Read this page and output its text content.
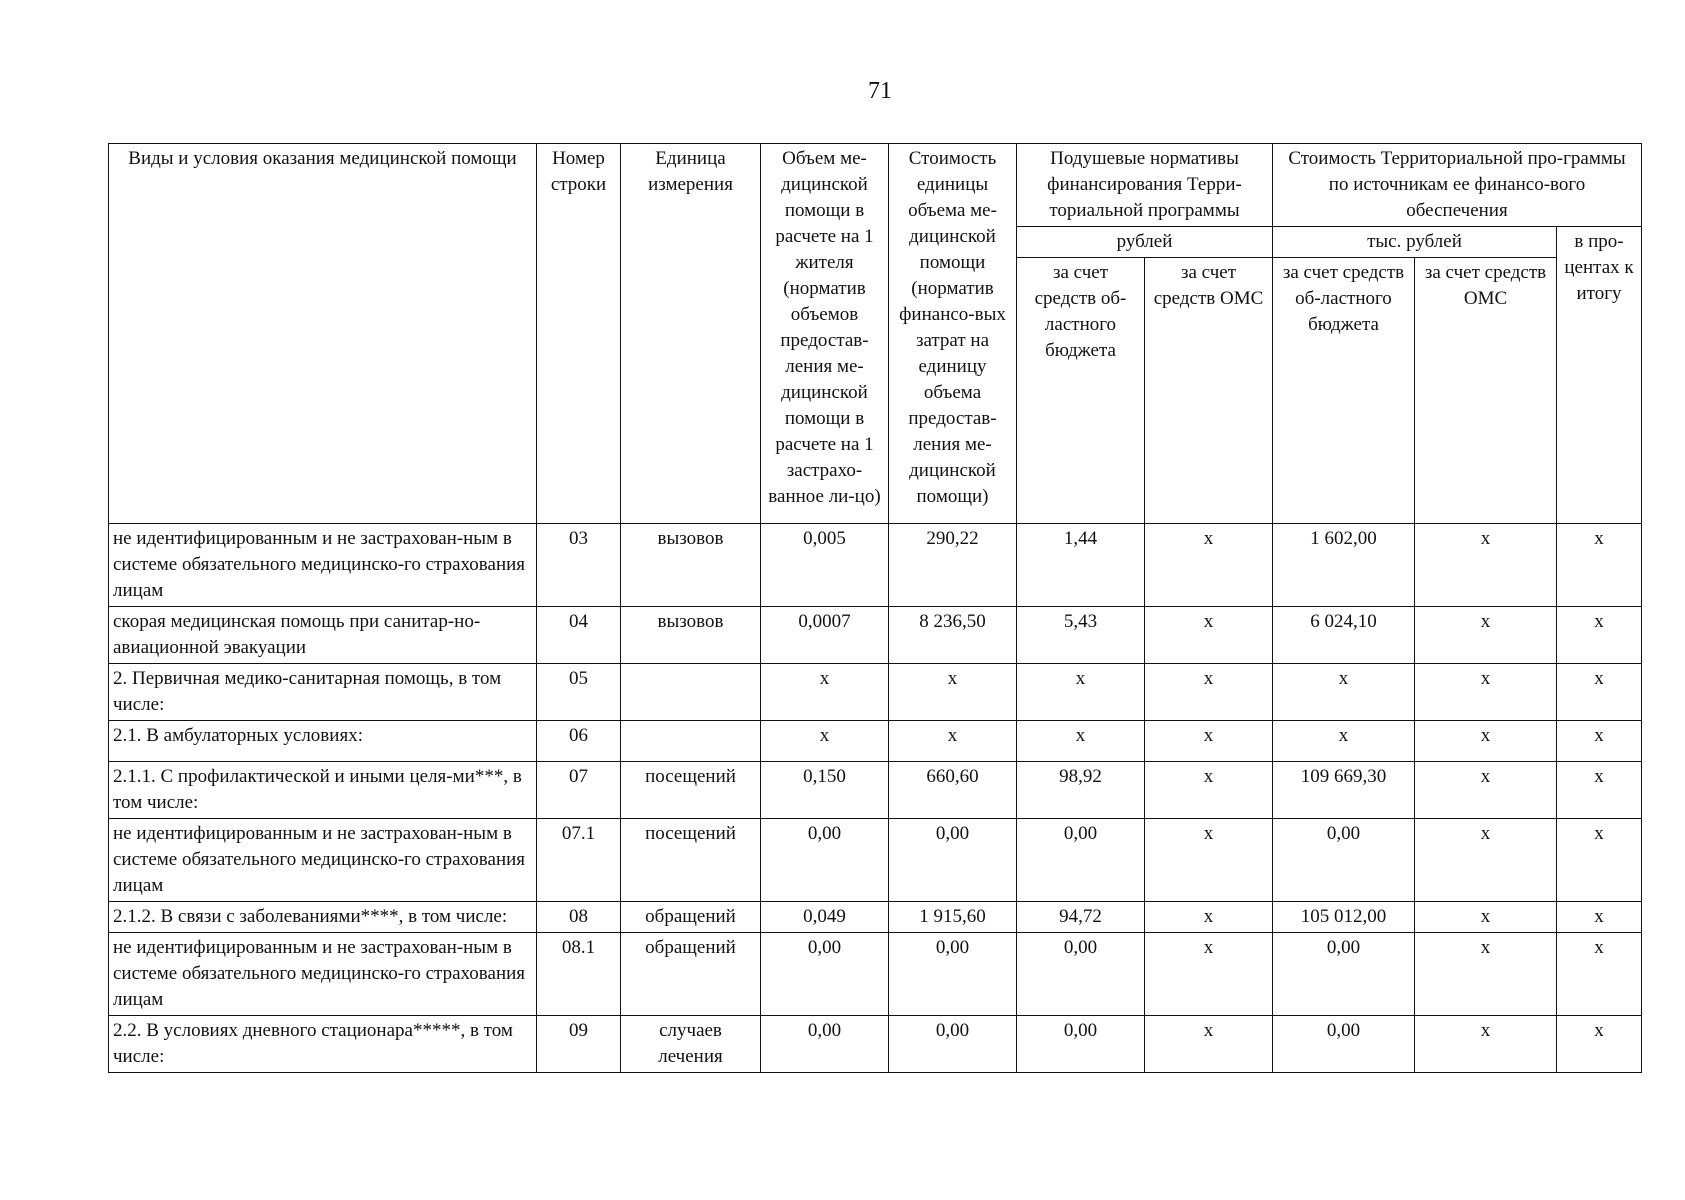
71
Виды и условия оказания медицинской помощи	Номер строки	Единица измерения	Объем ме-дицинской помощи в расчете на 1 жителя (норматив объемов предостав-ления ме-дицинской помощи в расчете на 1 застрахо-ванное ли-цо)	Стоимость единицы объема ме-дицинской помощи (норматив финансо-вых затрат на единицу объема предостав-ления ме-дицинской помощи)	Подушевые нормативы финансирования Терри-ториальной программы		Стоимость Территориальной про-граммы по источникам ее финансо-вого обеспечения		
					рублей		тыс. рублей		в про-центах к итогу
					за счет средств об-ластного бюджета	за счет средств ОМС	за счет средств об-ластного бюджета	за счет средств ОМС	
не идентифицированным и не застрахован-ным в системе обязательного медицинско-го страхования лицам	03	вызовов	0,005	290,22	1,44	х	1 602,00	х	х
скорая медицинская помощь при санитар-но-авиационной эвакуации	04	вызовов	0,0007	8 236,50	5,43	х	6 024,10	х	х
2. Первичная медико-санитарная помощь, в том числе:	05		х	х	х	х	х	х	х
2.1. В амбулаторных условиях:	06		х	х	х	х	х	х	х
2.1.1. С профилактической и иными целя-ми***, в том числе:	07	посещений	0,150	660,60	98,92	х	109 669,30	х	х
не идентифицированным и не застрахован-ным в системе обязательного медицинско-го страхования лицам	07.1	посещений	0,00	0,00	0,00	х	0,00	х	х
2.1.2. В связи с заболеваниями****, в том числе:	08	обращений	0,049	1 915,60	94,72	х	105 012,00	х	х
не идентифицированным и не застрахован-ным в системе обязательного медицинско-го страхования лицам	08.1	обращений	0,00	0,00	0,00	х	0,00	х	х
2.2. В условиях дневного стационара*****, в том числе:	09	случаев лечения	0,00	0,00	0,00	х	0,00	х	х
